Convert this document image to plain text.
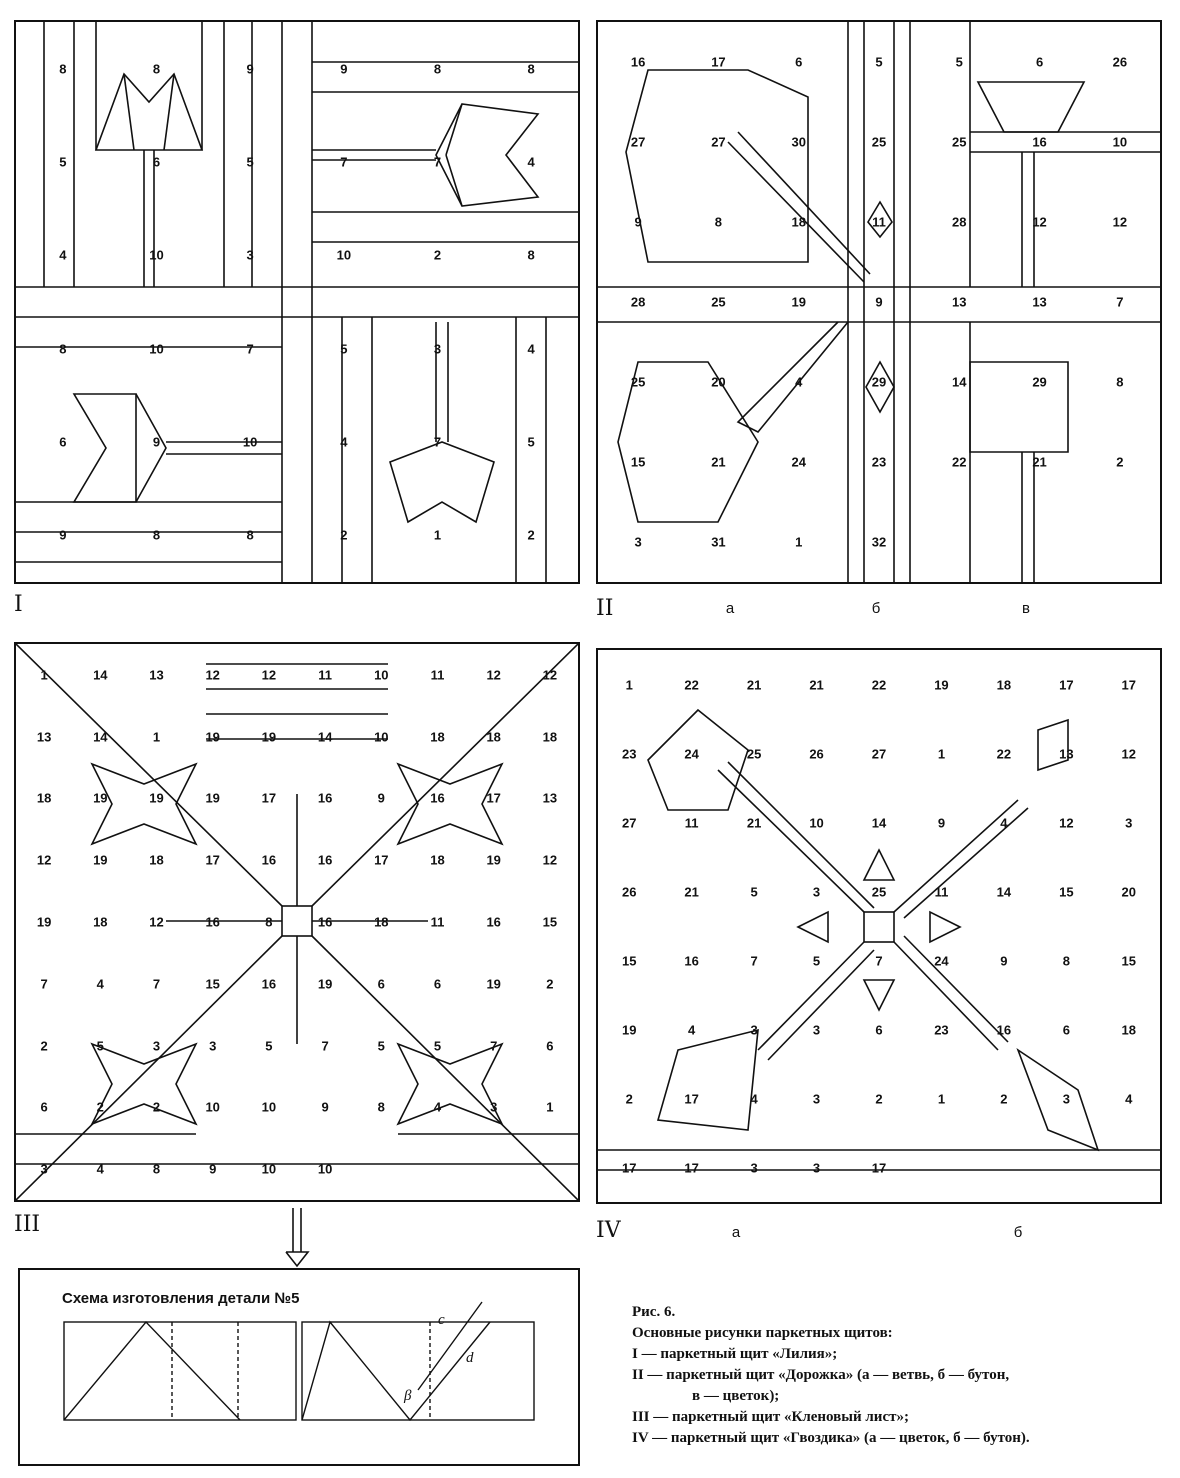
8	8	9	9	8	8
5	6	5	7	7	4
4	10	3	10	2	8
8	10	7	5	3	4
6	9	10	4	7	5
9	8	8	2	1	2
I
16	17	6	5	5	6	26
27	27	30	25	25	16	10
9	8	18	11	28	12	12
28	25	19	9	13	13	7
25	20	4	29	14	29	8
15	21	24	23	22	21	2
3	31	1	32
II	а	б	в
1	14	13	12	12	11	10	11	12	12
13	14	1	19	19	14	10	18	18	18
18	19	19	19	17	16	9	16	17	13
12	19	18	17	16	16	17	18	19	12
19	18	12	16	8	16	18	11	16	15
7	4	7	15	16	19	6	6	19	2
2	5	3	3	5	7	5	5	7	6
6	2	2	10	10	9	8	4	3	1
3	4	8	9	10	10
III
1	22	21	21	22	19	18	17	17
23	24	25	26	27	1	22	13	12
27	11	21	10	14	9	4	12	3
26	21	5	3	25	11	14	15	20
15	16	7	5	7	24	9	8	15
19	4	3	3	6	23	16	6	18
2	17	4	3	2	1	2	3	4
17	17	3	3	17
IV	а	б
Схема изготовления детали №5
β
c
d
Рис. 6.
Основные рисунки паркетных щитов:
I — паркетный щит «Лилия»;
II — паркетный щит «Дорожка» (а — ветвь, б — бутон,
в — цветок);
III — паркетный щит «Кленовый лист»;
IV — паркетный щит «Гвоздика» (а — цветок, б — бутон).
